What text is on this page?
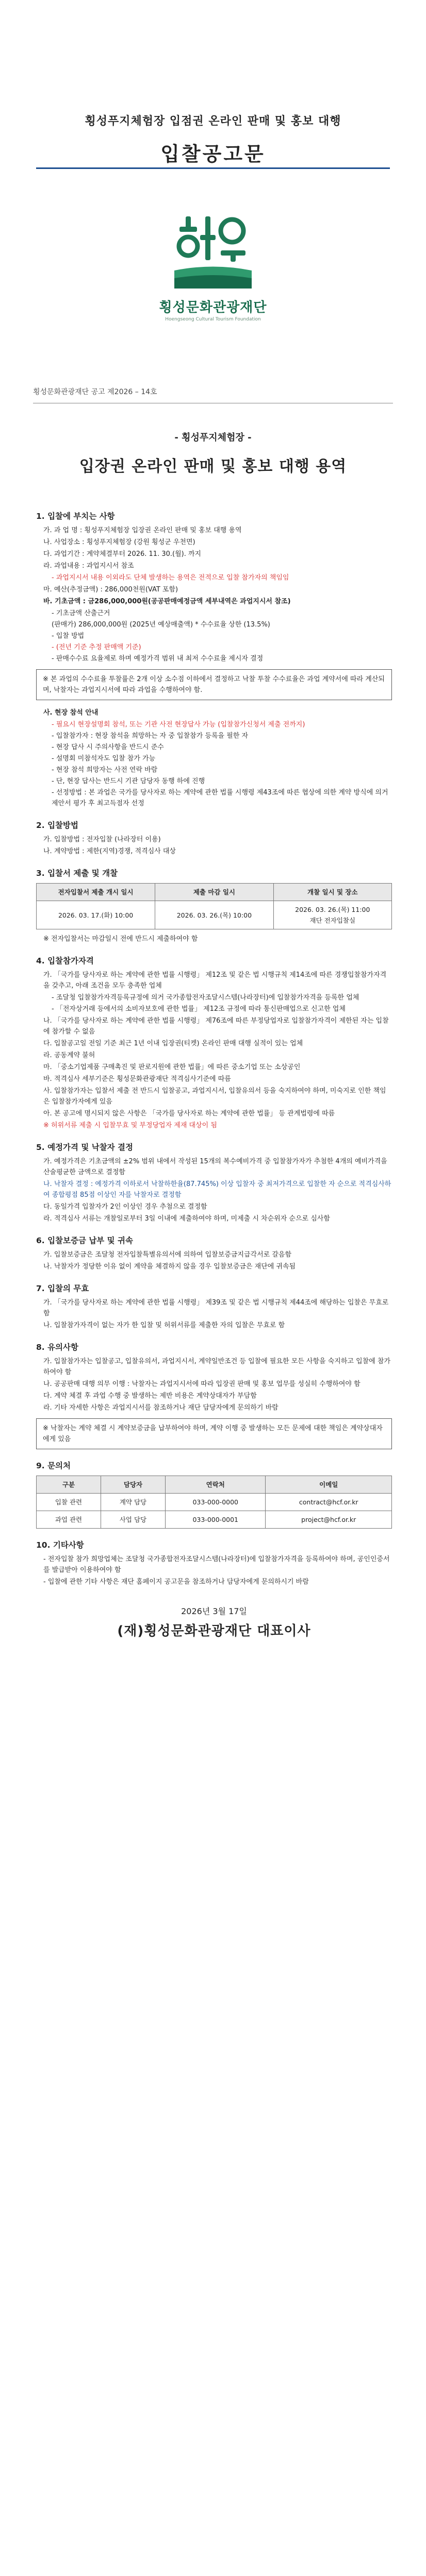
횡성푸지체험장 입점권 온라인 판매 및 홍보 대행
입찰공고문
횡성문화관광재단
Hoengseong Cultural Tourism Foundation
횡성문화관광재단 공고 제2026 – 14호
- 횡성푸지체험장 -
입장권 온라인 판매 및 홍보 대행 용역
1. 입찰에 부치는 사항
가. 과 업 명 : 횡성푸지체험장 입장권 온라인 판매 및 홍보 대행 용역
나. 사업장소 : 횡성푸지체험장 (강원 횡성군 우천면)
다. 과업기간 : 계약체결부터 2026. 11. 30.(월). 까지
라. 과업내용 : 과업지시서 참조
- 과업지시서 내용 이외라도 단체 발생하는 용역은 전적으로 입찰 참가자의 책임임
마. 예산(추정금액) : 286,000천원(VAT 포함)
바. 기초금액 : 금286,000,000원(공공판매예정금액 세부내역은 과업지시서 참조)
- 기초금액 산출근거
(판매가) 286,000,000원 (2025년 예상매출액) * 수수료율 상한 (13.5%)
- 입찰 방법
- (전년 기준 추정 판매액 기준)
- 판매수수료 요율제로 하며 예정가격 범위 내 최저 수수료율 제시자 결정
※ 본 과업의 수수료율 투찰률은 2개 이상 소수점 이하에서 결정하고 낙찰 투찰 수수료율은 과업 계약서에 따라 계산되며, 낙찰자는 과업지시서에 따라 과업을 수행하여야 함.
사. 현장 참석 안내
- 필요시 현장설명회 참석, 또는 기관 사전 현장답사 가능 (입찰참가신청서 제출 전까지)
- 입찰참가자 : 현장 참석을 희망하는 자 중 입찰참가 등록을 필한 자
- 현장 답사 시 주의사항을 반드시 준수
- 설명회 미참석자도 입찰 참가 가능
- 현장 참석 희망자는 사전 연락 바람
- 단, 현장 답사는 반드시 기관 담당자 동행 하에 진행
- 선정방법 : 본 과업은 국가를 당사자로 하는 계약에 관한 법률 시행령 제43조에 따른 협상에 의한 계약 방식에 의거 제안서 평가 후 최고득점자 선정
2. 입찰방법
가. 입찰방법 : 전자입찰 (나라장터 이용)
나. 계약방법 : 제한(지역)경쟁, 적격심사 대상
3. 입찰서 제출 및 개찰
전자입찰서 제출 개시 일시	제출 마감 일시	개찰 일시 및 장소
2026. 03. 17.(화) 10:00	2026. 03. 26.(목) 10:00	2026. 03. 26.(목) 11:00
재단 전자입찰실
※ 전자입찰서는 마감일시 전에 반드시 제출하여야 함
4. 입찰참가자격
가. 「국가를 당사자로 하는 계약에 관한 법률 시행령」 제12조 및 같은 법 시행규칙 제14조에 따른 경쟁입찰참가자격을 갖추고, 아래 조건을 모두 충족한 업체
- 조달청 입찰참가자격등록규정에 의거 국가종합전자조달시스템(나라장터)에 입찰참가자격을 등록한 업체
- 「전자상거래 등에서의 소비자보호에 관한 법률」 제12조 규정에 따라 통신판매업으로 신고한 업체
나. 「국가를 당사자로 하는 계약에 관한 법률 시행령」 제76조에 따른 부정당업자로 입찰참가자격이 제한된 자는 입찰에 참가할 수 없음
다. 입찰공고일 전일 기준 최근 1년 이내 입장권(티켓) 온라인 판매 대행 실적이 있는 업체
라. 공동계약 불허
마. 「중소기업제품 구매촉진 및 판로지원에 관한 법률」에 따른 중소기업 또는 소상공인
바. 적격심사 세부기준은 횡성문화관광재단 적격심사기준에 따름
사. 입찰참가자는 입찰서 제출 전 반드시 입찰공고, 과업지시서, 입찰유의서 등을 숙지하여야 하며, 미숙지로 인한 책임은 입찰참가자에게 있음
아. 본 공고에 명시되지 않은 사항은 「국가를 당사자로 하는 계약에 관한 법률」 등 관계법령에 따름
※ 허위서류 제출 시 입찰무효 및 부정당업자 제재 대상이 됨
5. 예정가격 및 낙찰자 결정
가. 예정가격은 기초금액의 ±2% 범위 내에서 작성된 15개의 복수예비가격 중 입찰참가자가 추첨한 4개의 예비가격을 산술평균한 금액으로 결정함
나. 낙찰자 결정 : 예정가격 이하로서 낙찰하한율(87.745%) 이상 입찰자 중 최저가격으로 입찰한 자 순으로 적격심사하여 종합평점 85점 이상인 자를 낙찰자로 결정함
다. 동일가격 입찰자가 2인 이상인 경우 추첨으로 결정함
라. 적격심사 서류는 개찰일로부터 3일 이내에 제출하여야 하며, 미제출 시 차순위자 순으로 심사함
6. 입찰보증금 납부 및 귀속
가. 입찰보증금은 조달청 전자입찰특별유의서에 의하여 입찰보증금지급각서로 갈음함
나. 낙찰자가 정당한 이유 없이 계약을 체결하지 않을 경우 입찰보증금은 재단에 귀속됨
7. 입찰의 무효
가. 「국가를 당사자로 하는 계약에 관한 법률 시행령」 제39조 및 같은 법 시행규칙 제44조에 해당하는 입찰은 무효로 함
나. 입찰참가자격이 없는 자가 한 입찰 및 허위서류를 제출한 자의 입찰은 무효로 함
8. 유의사항
가. 입찰참가자는 입찰공고, 입찰유의서, 과업지시서, 계약일반조건 등 입찰에 필요한 모든 사항을 숙지하고 입찰에 참가하여야 함
나. 공공판매 대행 의무 이행 : 낙찰자는 과업지시서에 따라 입장권 판매 및 홍보 업무를 성실히 수행하여야 함
다. 계약 체결 후 과업 수행 중 발생하는 제반 비용은 계약상대자가 부담함
라. 기타 자세한 사항은 과업지시서를 참조하거나 재단 담당자에게 문의하기 바람
※ 낙찰자는 계약 체결 시 계약보증금을 납부하여야 하며, 계약 이행 중 발생하는 모든 문제에 대한 책임은 계약상대자에게 있음
9. 문의처
구분	담당자	연락처	이메일
입찰 관련	계약 담당	033-000-0000	contract@hcf.or.kr
과업 관련	사업 담당	033-000-0001	project@hcf.or.kr
10. 기타사항
- 전자입찰 참가 희망업체는 조달청 국가종합전자조달시스템(나라장터)에 입찰참가자격을 등록하여야 하며, 공인인증서를 발급받아 이용하여야 함
- 입찰에 관한 기타 사항은 재단 홈페이지 공고문을 참조하거나 담당자에게 문의하시기 바람
2026년 3월 17일
(재)횡성문화관광재단 대표이사
